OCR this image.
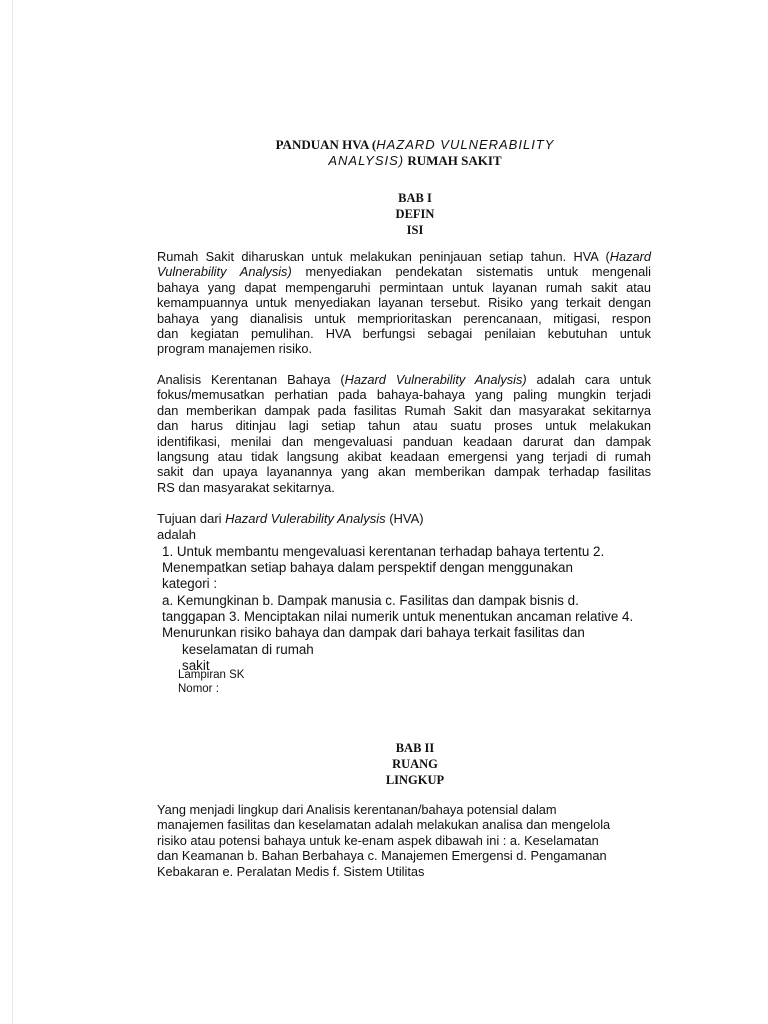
PANDUAN HVA (HAZARD VULNERABILITY
ANALYSIS) RUMAH SAKIT
BAB I
DEFIN
ISI
Rumah Sakit diharuskan untuk melakukan peninjauan setiap tahun. HVA (Hazard
Vulnerability Analysis) menyediakan pendekatan sistematis untuk mengenali
bahaya yang dapat mempengaruhi permintaan untuk layanan rumah sakit atau
kemampuannya untuk menyediakan layanan tersebut. Risiko yang terkait dengan
bahaya yang dianalisis untuk memprioritaskan perencanaan, mitigasi, respon
dan kegiatan pemulihan. HVA berfungsi sebagai penilaian kebutuhan untuk
program manajemen risiko.
Analisis Kerentanan Bahaya (Hazard Vulnerability Analysis) adalah cara untuk
fokus/memusatkan perhatian pada bahaya-bahaya yang paling mungkin terjadi
dan memberikan dampak pada fasilitas Rumah Sakit dan masyarakat sekitarnya
dan harus ditinjau lagi setiap tahun atau suatu proses untuk melakukan
identifikasi, menilai dan mengevaluasi panduan keadaan darurat dan dampak
langsung atau tidak langsung akibat keadaan emergensi yang terjadi di rumah
sakit dan upaya layanannya yang akan memberikan dampak terhadap fasilitas
RS dan masyarakat sekitarnya.
Tujuan dari Hazard Vulerability Analysis (HVA)
adalah
1. Untuk membantu mengevaluasi kerentanan terhadap bahaya tertentu 2.
Menempatkan setiap bahaya dalam perspektif dengan menggunakan
kategori :
a. Kemungkinan b. Dampak manusia c. Fasilitas dan dampak bisnis d.
tanggapan 3. Menciptakan nilai numerik untuk menentukan ancaman relative 4.
Menurunkan risiko bahaya dan dampak dari bahaya terkait fasilitas dan
keselamatan di rumah
sakit
Lampiran SK
Nomor :
BAB II
RUANG
LINGKUP
Yang menjadi lingkup dari Analisis kerentanan/bahaya potensial dalam
manajemen fasilitas dan keselamatan adalah melakukan analisa dan mengelola
risiko atau potensi bahaya untuk ke-enam aspek dibawah ini : a. Keselamatan
dan Keamanan b. Bahan Berbahaya c. Manajemen Emergensi d. Pengamanan
Kebakaran e. Peralatan Medis f. Sistem Utilitas
